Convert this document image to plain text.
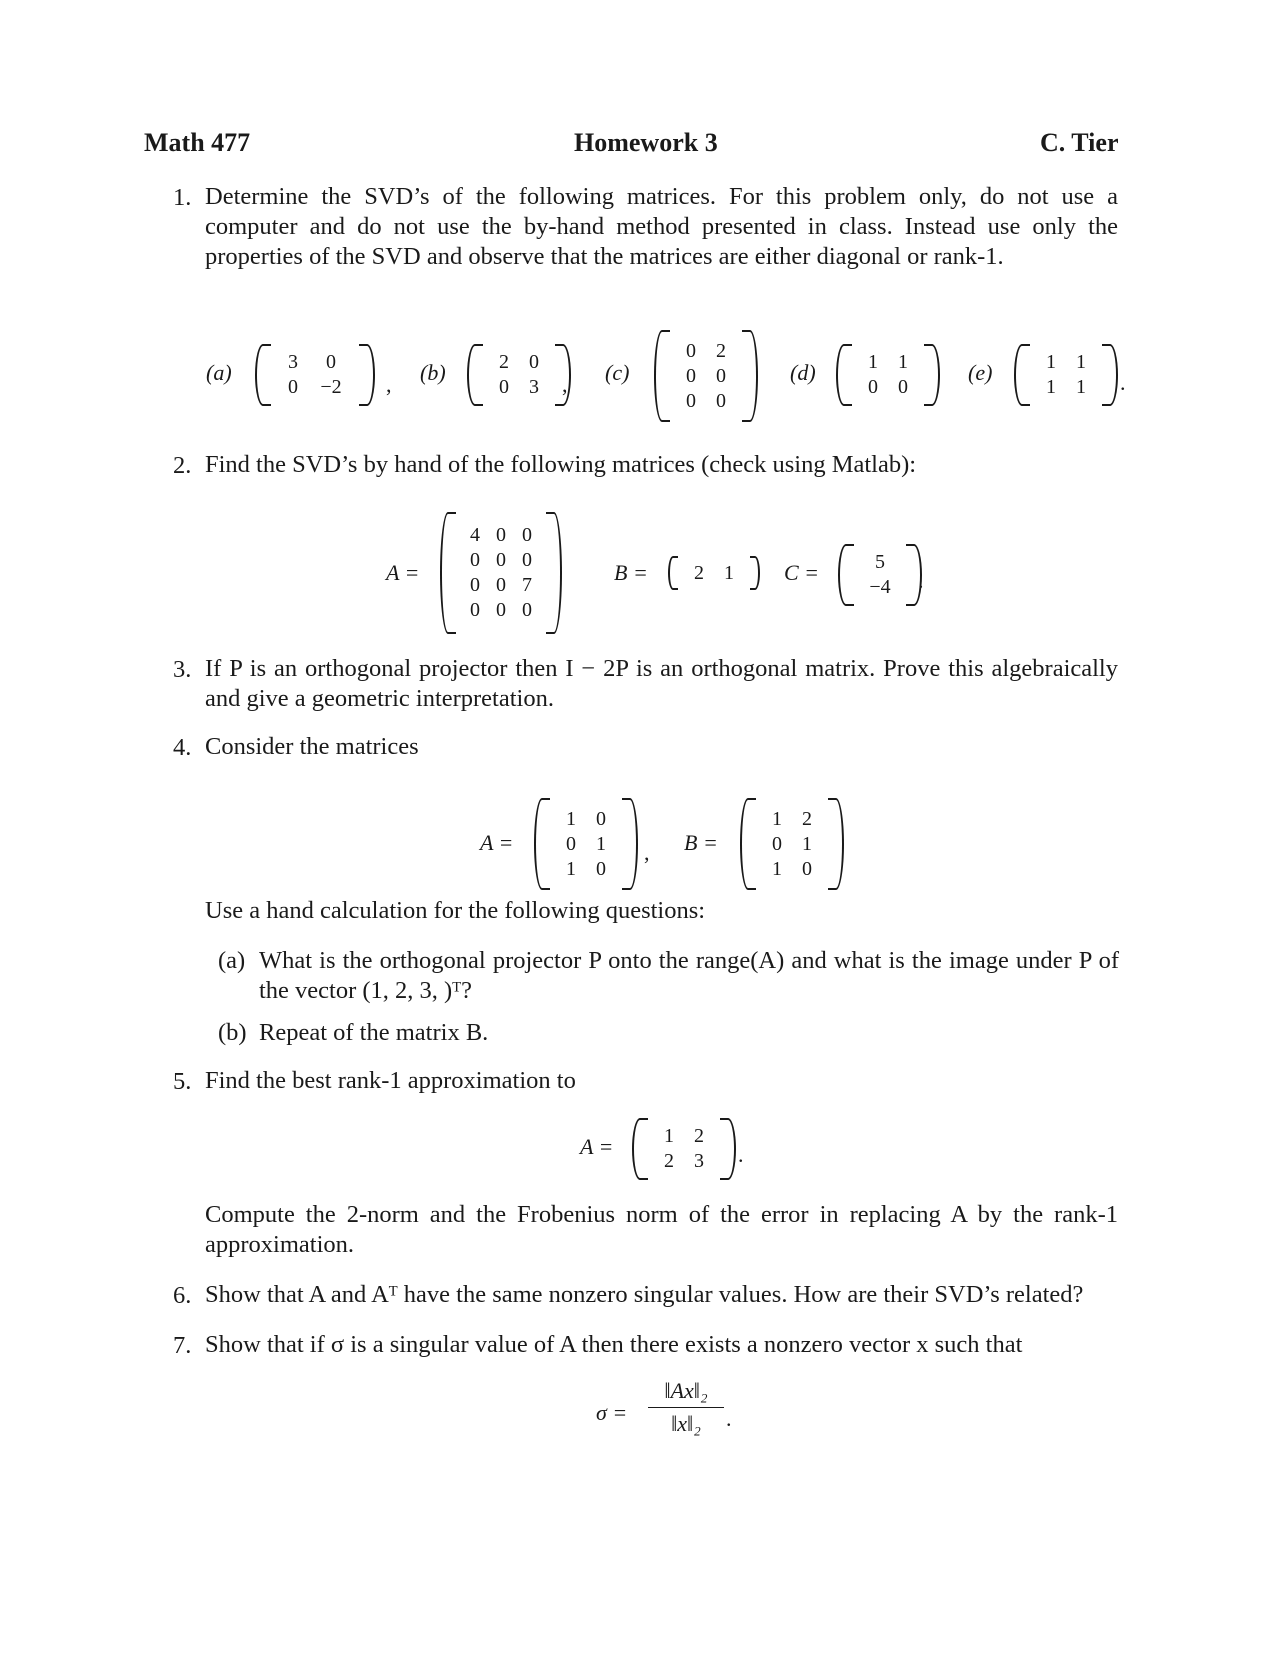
Math 477	Homework 3	C. Tier
1. Determine the SVD’s of the following matrices. For this problem only, do not use a computer and do not use the by-hand method presented in class. Instead use only the properties of the SVD and observe that the matrices are either diagonal or rank-1.
(a)	3 0
0 −2 , (b)	2 0
0 3 , (c)
0 2
0 0
0 0
(d)	1 1
0 0
(e)	1 1
1 1 .
2. Find the SVD’s by hand of the following matrices (check using Matlab):
A =
4 0 0
0 0 0
0 0 7
0 0 0
B = 2 1 C =	5
−4 .
3. If P is an orthogonal projector then I − 2P is an orthogonal matrix. Prove this algebraically and give a geometric interpretation.
4. Consider the matrices
A =
1 0
0 1
1 0
, B =
1 2
0 1
1 0
Use a hand calculation for the following questions:
(a) What is the orthogonal projector P onto the range(A) and what is the image under P of the vector (1, 2, 3, )ᵀ?
(b) Repeat of the matrix B.
5. Find the best rank-1 approximation to
A =	1 2
2 3 .
Compute the 2-norm and the Frobenius norm of the error in replacing A by the rank-1 approximation.
6. Show that A and Aᵀ have the same nonzero singular values. How are their SVD’s related?
7. Show that if σ is a singular value of A then there exists a nonzero vector x such that
σ =
‖Ax‖₂
‖x‖₂	.
